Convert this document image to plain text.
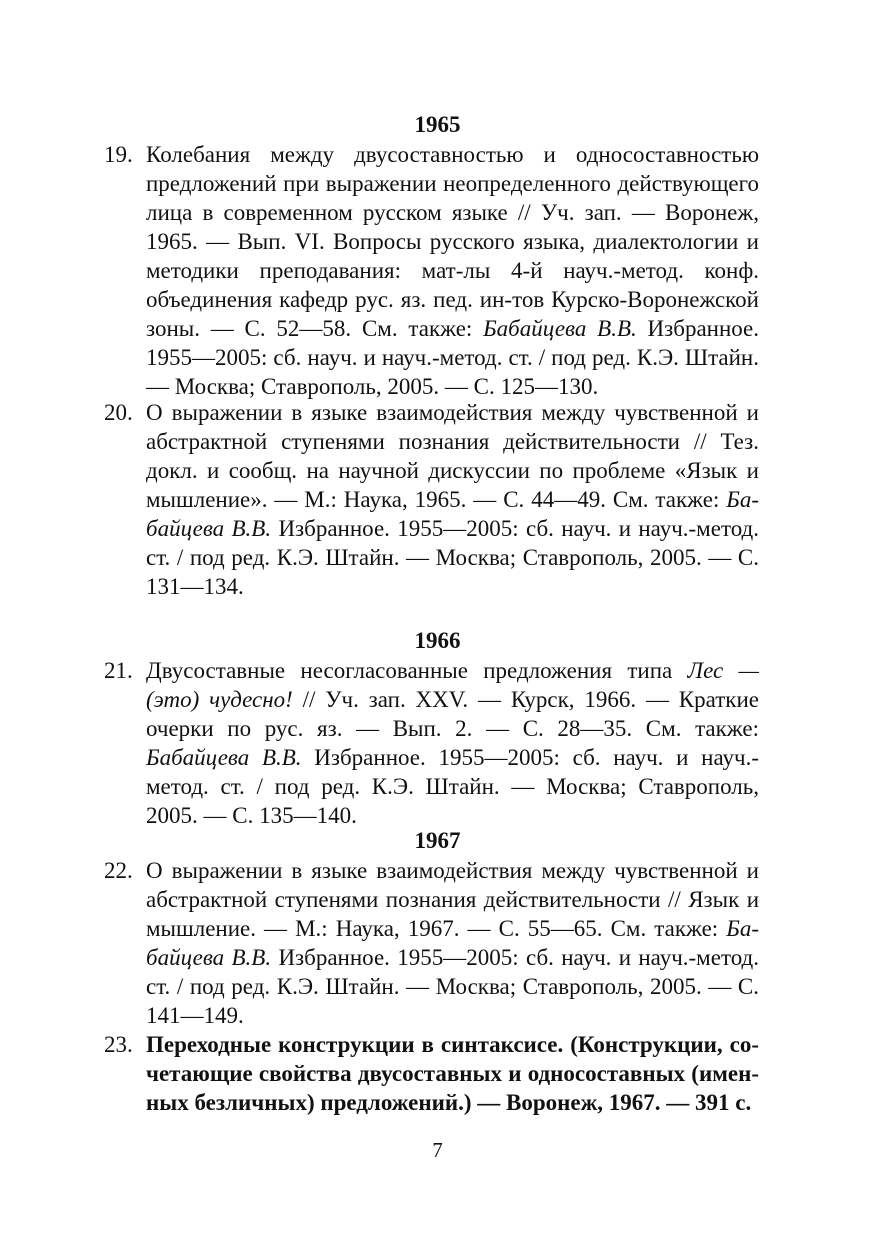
1965
19. Колебания между двусоставностью и односоставностью предложений при выражении неопределенного действующего лица в современном русском языке // Уч. зап. — Воронеж, 1965. — Вып. VI. Вопросы русского языка, диалектологии и методики преподавания: мат-лы 4-й науч.-метод. конф. объединения кафедр рус. яз. пед. ин-тов Курско-Воронежской зоны. — С. 52—58. См. также: Бабайцева В.В. Избранное. 1955—2005: сб. науч. и науч.-метод. ст. / под ред. К.Э. Штайн. — Москва; Ставрополь, 2005. — С. 125—130.
20. О выражении в языке взаимодействия между чувственной и абстрактной ступенями познания действительности // Тез. докл. и сообщ. на научной дискуссии по проблеме «Язык и мышление». — М.: Наука, 1965. — С. 44—49. См. также: Бабайцева В.В. Избранное. 1955—2005: сб. науч. и науч.-метод. ст. / под ред. К.Э. Штайн. — Москва; Ставрополь, 2005. — С. 131—134.
1966
21. Двусоставные несогласованные предложения типа Лес — (это) чудесно! // Уч. зап. XXV. — Курск, 1966. — Краткие очерки по рус. яз. — Вып. 2. — С. 28—35. См. также: Бабайцева В.В. Избранное. 1955—2005: сб. науч. и науч.-метод. ст. / под ред. К.Э. Штайн. — Москва; Ставрополь, 2005. — С. 135—140.
1967
22. О выражении в языке взаимодействия между чувственной и абстрактной ступенями познания действительности // Язык и мышление. — М.: Наука, 1967. — С. 55—65. См. также: Бабайцева В.В. Избранное. 1955—2005: сб. науч. и науч.-метод. ст. / под ред. К.Э. Штайн. — Москва; Ставрополь, 2005. — С. 141—149.
23. Переходные конструкции в синтаксисе. (Конструкции, сочетающие свойства двусоставных и односоставных (именных безличных) предложений.) — Воронеж, 1967. — 391 с.
7
